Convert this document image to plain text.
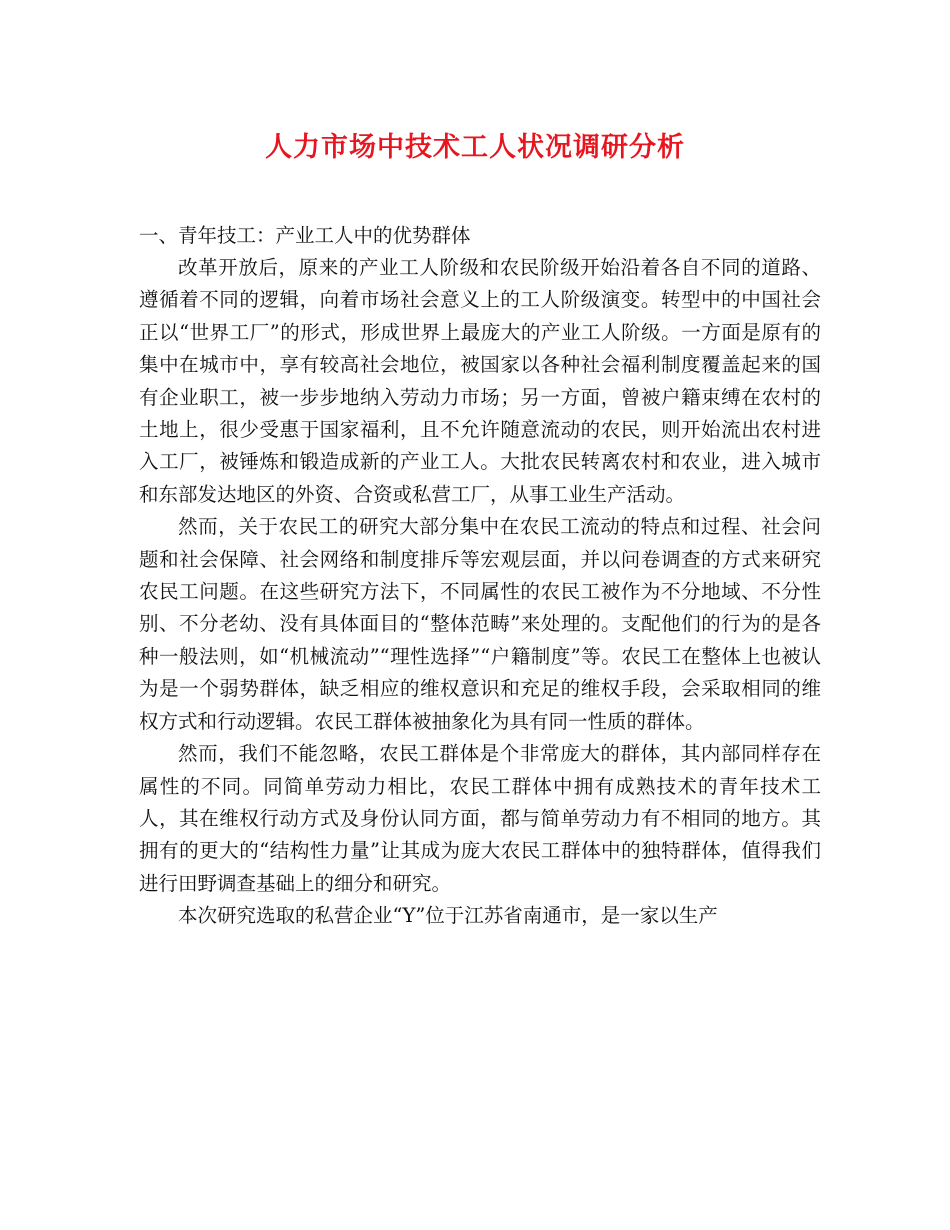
人力市场中技术工人状况调研分析
一、青年技工：产业工人中的优势群体

改革开放后，原来的产业工人阶级和农民阶级开始沿着各自不同的道路、遵循着不同的逻辑，向着市场社会意义上的工人阶级演变。转型中的中国社会正以“世界工厂”的形式，形成世界上最庞大的产业工人阶级。一方面是原有的集中在城市中，享有较高社会地位，被国家以各种社会福利制度覆盖起来的国有企业职工，被一步步地纳入劳动力市场；另一方面，曾被户籍束缚在农村的土地上，很少受惠于国家福利，且不允许随意流动的农民，则开始流出农村进入工厂，被锤炼和锻造成新的产业工人。大批农民转离农村和农业，进入城市和东部发达地区的外资、合资或私营工厂，从事工业生产活动。

然而，关于农民工的研究大部分集中在农民工流动的特点和过程、社会问题和社会保障、社会网络和制度排斥等宏观层面，并以问卷调查的方式来研究农民工问题。在这些研究方法下，不同属性的农民工被作为不分地域、不分性别、不分老幼、没有具体面目的“整体范畴”来处理的。支配他们的行为的是各种一般法则，如“机械流动”“理性选择”“户籍制度”等。农民工在整体上也被认为是一个弱势群体，缺乏相应的维权意识和充足的维权手段，会采取相同的维权方式和行动逻辑。农民工群体被抽象化为具有同一性质的群体。

然而，我们不能忽略，农民工群体是个非常庞大的群体，其内部同样存在属性的不同。同简单劳动力相比，农民工群体中拥有成熟技术的青年技术工人，其在维权行动方式及身份认同方面，都与简单劳动力有不相同的地方。其拥有的更大的“结构性力量”让其成为庞大农民工群体中的独特群体，值得我们进行田野调查基础上的细分和研究。

本次研究选取的私营企业“Y”位于江苏省南通市，是一家以生产
